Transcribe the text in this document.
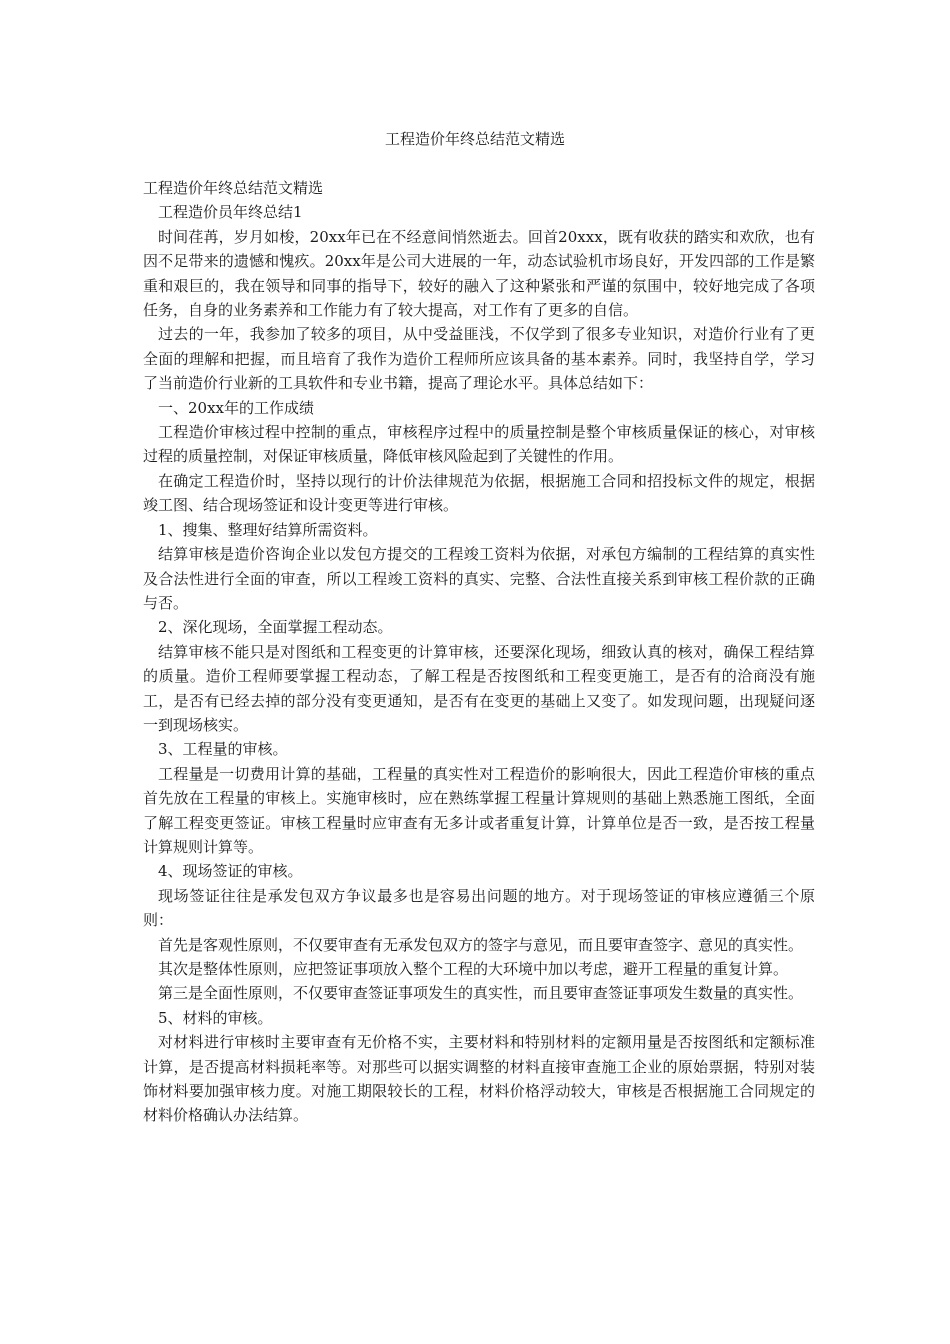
工程造价年终总结范文精选

工程造价年终总结范文精选

工程造价员年终总结1

时间荏苒，岁月如梭，20xx年已在不经意间悄然逝去。回首20xxx，既有收获的踏实和欢欣，也有因不足带来的遗憾和愧疚。20xx年是公司大进展的一年，动态试验机市场良好，开发四部的工作是繁重和艰巨的，我在领导和同事的指导下，较好的融入了这种紧张和严谨的氛围中，较好地完成了各项任务，自身的业务素养和工作能力有了较大提高，对工作有了更多的自信。

过去的一年，我参加了较多的项目，从中受益匪浅，不仅学到了很多专业知识，对造价行业有了更全面的理解和把握，而且培育了我作为造价工程师所应该具备的基本素养。同时，我坚持自学，学习了当前造价行业新的工具软件和专业书籍，提高了理论水平。具体总结如下：

一、20xx年的工作成绩

工程造价审核过程中控制的重点，审核程序过程中的质量控制是整个审核质量保证的核心，对审核过程的质量控制，对保证审核质量，降低审核风险起到了关键性的作用。

在确定工程造价时，坚持以现行的计价法律规范为依据，根据施工合同和招投标文件的规定，根据竣工图、结合现场签证和设计变更等进行审核。

1、搜集、整理好结算所需资料。

结算审核是造价咨询企业以发包方提交的工程竣工资料为依据，对承包方编制的工程结算的真实性及合法性进行全面的审查，所以工程竣工资料的真实、完整、合法性直接关系到审核工程价款的正确与否。

2、深化现场，全面掌握工程动态。

结算审核不能只是对图纸和工程变更的计算审核，还要深化现场，细致认真的核对，确保工程结算的质量。造价工程师要掌握工程动态，了解工程是否按图纸和工程变更施工，是否有的洽商没有施工，是否有已经去掉的部分没有变更通知，是否有在变更的基础上又变了。如发现问题，出现疑问逐一到现场核实。

3、工程量的审核。

工程量是一切费用计算的基础，工程量的真实性对工程造价的影响很大，因此工程造价审核的重点首先放在工程量的审核上。实施审核时，应在熟练掌握工程量计算规则的基础上熟悉施工图纸，全面了解工程变更签证。审核工程量时应审查有无多计或者重复计算，计算单位是否一致，是否按工程量计算规则计算等。

4、现场签证的审核。

现场签证往往是承发包双方争议最多也是容易出问题的地方。对于现场签证的审核应遵循三个原则：

首先是客观性原则，不仅要审查有无承发包双方的签字与意见，而且要审查签字、意见的真实性。

其次是整体性原则，应把签证事项放入整个工程的大环境中加以考虑，避开工程量的重复计算。

第三是全面性原则，不仅要审查签证事项发生的真实性，而且要审查签证事项发生数量的真实性。

5、材料的审核。

对材料进行审核时主要审查有无价格不实，主要材料和特别材料的定额用量是否按图纸和定额标准计算，是否提高材料损耗率等。对那些可以据实调整的材料直接审查施工企业的原始票据，特别对装饰材料要加强审核力度。对施工期限较长的工程，材料价格浮动较大，审核是否根据施工合同规定的材料价格确认办法结算。
